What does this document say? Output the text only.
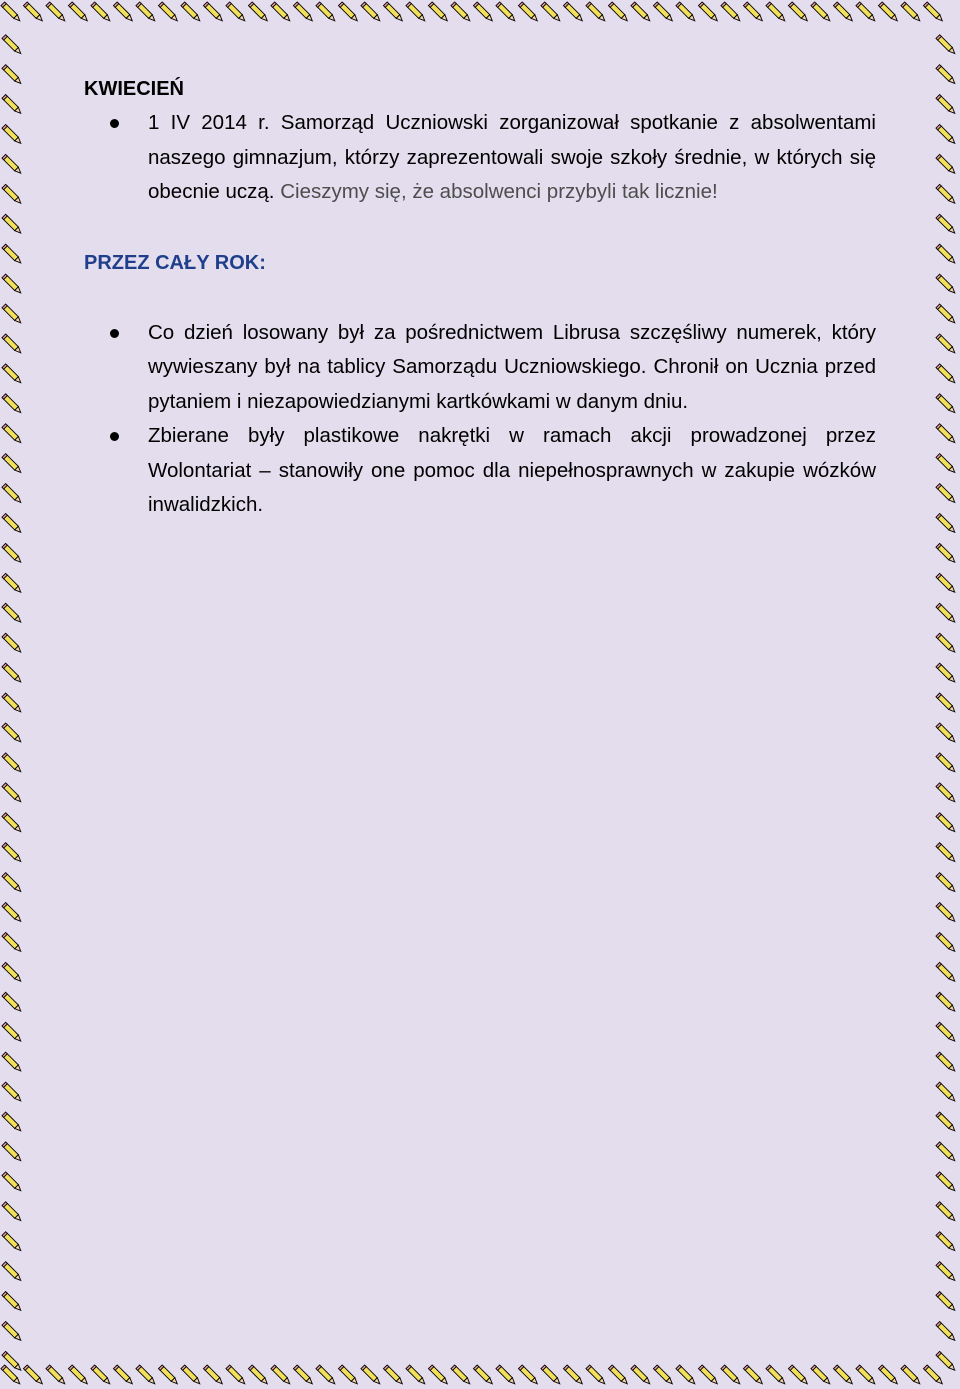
KWIECIEŃ
1 IV 2014 r. Samorząd Uczniowski zorganizował spotkanie z absolwentami naszego gimnazjum, którzy zaprezentowali swoje szkoły średnie, w których się obecnie uczą. Cieszymy się, że absolwenci przybyli tak licznie!
PRZEZ CAŁY ROK:
Co dzień losowany był za pośrednictwem Librusa szczęśliwy numerek, który wywieszany był na tablicy Samorządu Uczniowskiego. Chronił on Ucznia przed pytaniem i niezapowiedzianymi kartkówkami w danym dniu.
Zbierane były plastikowe nakrętki w ramach akcji prowadzonej przez Wolontariat – stanowiły one pomoc dla niepełnosprawnych w zakupie wózków inwalidzkich.
